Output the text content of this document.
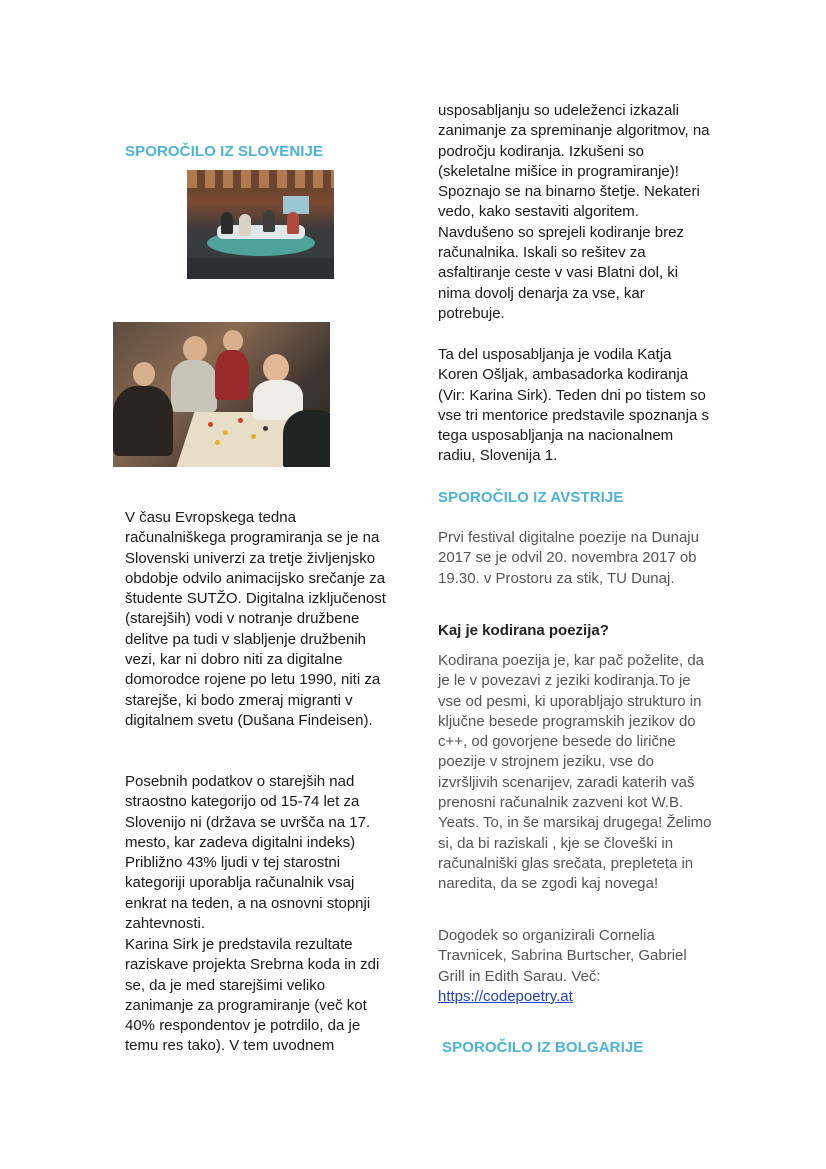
SPOROČILO IZ SLOVENIJE
V času Evropskega tedna računalniškega programiranja se je na Slovenski univerzi za tretje življenjsko obdobje odvilo animacijsko srečanje za študente SUTŽO. Digitalna izključenost (starejših) vodi v notranje družbene delitve pa tudi v slabljenje družbenih vezi, kar ni dobro niti za digitalne domorodce rojene po letu 1990, niti za starejše, ki bodo zmeraj migranti v digitalnem svetu (Dušana Findeisen).
Posebnih podatkov o starejših nad straostno kategorijo od 15-74 let za Slovenijo ni (država se uvršča na 17. mesto, kar zadeva digitalni indeks) Približno 43% ljudi v tej starostni kategoriji uporablja računalnik vsaj enkrat na teden, a na osnovni stopnji zahtevnosti.
Karina Sirk je predstavila rezultate raziskave projekta Srebrna koda in zdi se, da je med starejšimi veliko zanimanje za programiranje (več kot 40% respondentov je potrdilo, da je temu res tako). V tem uvodnem
usposabljanju so udeleženci izkazali zanimanje za spreminanje algoritmov, na področju kodiranja. Izkušeni so (skeletalne mišice in programiranje)! Spoznajo se na binarno štetje. Nekateri vedo, kako sestaviti algoritem. Navdušeno so sprejeli kodiranje brez računalnika. Iskali so rešitev za asfaltiranje ceste v vasi Blatni dol, ki nima dovolj denarja za vse, kar potrebuje.
Ta del usposabljanja je vodila Katja Koren Ošljak, ambasadorka kodiranja (Vir: Karina Sirk). Teden dni po tistem so vse tri mentorice predstavile spoznanja s tega usposabljanja na nacionalnem radiu, Slovenija 1.
SPOROČILO IZ AVSTRIJE
Prvi festival digitalne poezije na Dunaju 2017 se je odvil 20. novembra 2017 ob 19.30. v Prostoru za stik, TU Dunaj.
Kaj je kodirana poezija?
Kodirana poezija je, kar pač poželite, da je le v povezavi z jeziki kodiranja.To je vse od pesmi, ki uporabljajo strukturo in ključne besede programskih jezikov do c++, od govorjene besede do lirične poezije v strojnem jeziku, vse do izvršljivih scenarijev, zaradi katerih vaš prenosni računalnik zazveni kot W.B. Yeats. To, in še marsikaj drugega! Želimo si, da bi raziskali , kje se človeški in računalniški glas srečata, prepleteta in naredita, da se zgodi kaj novega!
Dogodek so organizirali Cornelia Travnicek, Sabrina Burtscher, Gabriel Grill in Edith Sarau. Več:
https://codepoetry.at
SPOROČILO IZ BOLGARIJE
